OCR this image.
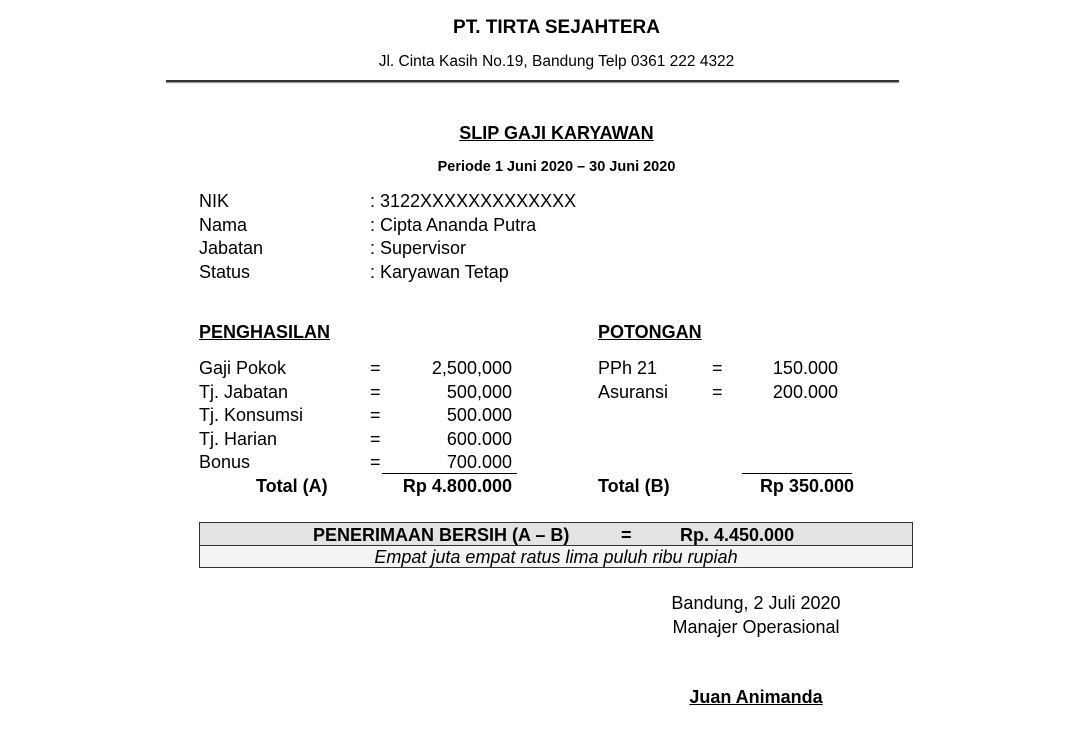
PT. TIRTA SEJAHTERA
Jl. Cinta Kasih No.19, Bandung Telp 0361 222 4322
SLIP GAJI KARYAWAN
Periode 1 Juni 2020 – 30 Juni 2020
NIK	: 3122XXXXXXXXXXXXX
Nama	: Cipta Ananda Putra
Jabatan	: Supervisor
Status	: Karyawan Tetap
PENGHASILAN
Gaji Pokok	=	2,500,000
Tj. Jabatan	=	500,000
Tj. Konsumsi	=	500.000
Tj. Harian	=	600.000
Bonus	=	700.000
Total (A)	Rp 4.800.000
POTONGAN
PPh 21	=	150.000
Asuransi =	200.000
Total (B)	Rp 350.000
PENERIMAAN BERSIH (A – B)	=	Rp. 4.450.000
Empat juta empat ratus lima puluh ribu rupiah
Bandung, 2 Juli 2020
Manajer Operasional
Juan Animanda
